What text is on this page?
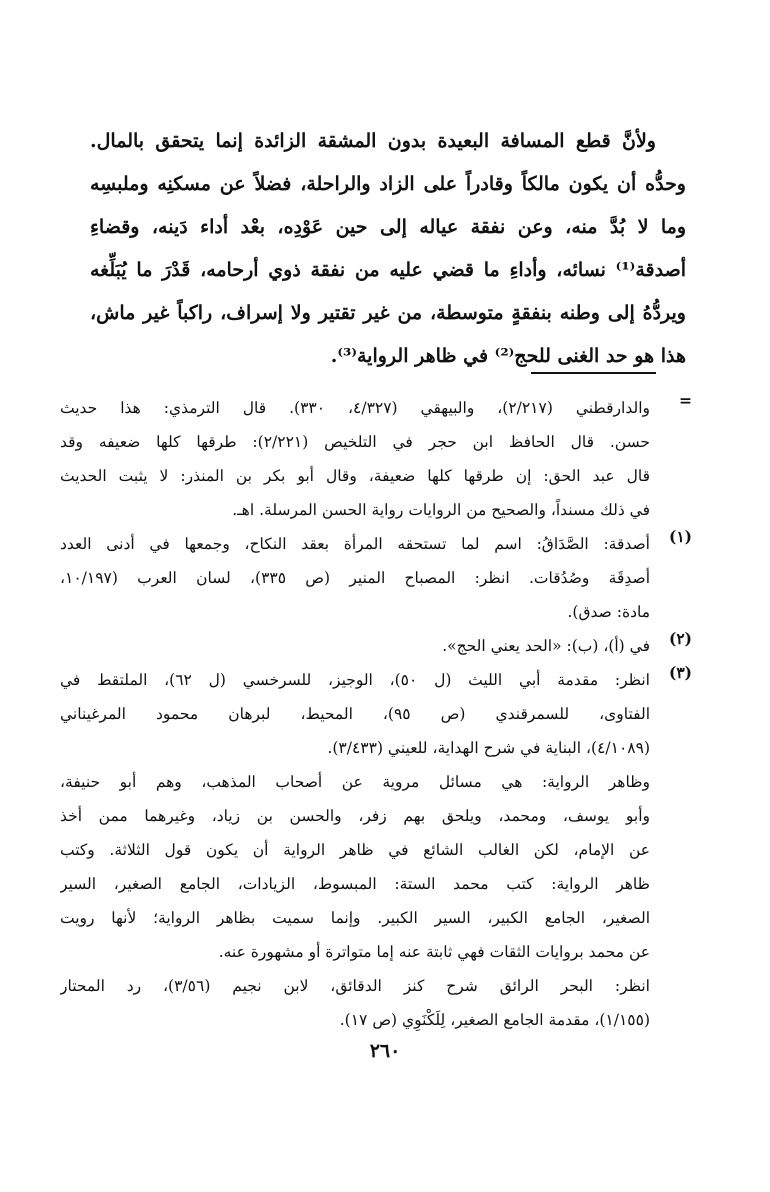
ولأنَّ قطع المسافة البعيدة بدون المشقة الزائدة إنما يتحقق بالمال.
وحدُّه أن يكون مالكاً وقادراً على الزاد والراحلة، فضلاً عن مسكنِه وملبسِه
وما لا بُدَّ منه، وعن نفقة عياله إلى حين عَوْدِه، بعْد أداء دَينه، وقضاءِ
أصدقة⁽¹⁾ نسائه، وأداءِ ما قضي عليه من نفقة ذوي أرحامه، قَدْرَ ما يُبَلِّغه
ويردُّهُ إلى وطنه بنفقةٍ متوسطة، من غير تقتير ولا إسراف، راكباً غير ماش،
هذا هو حد الغنى للحج⁽²⁾ في ظاهر الرواية⁽³⁾.
=
والدارقطني (٢/٢١٧)، والبيهقي (٤/٣٢٧، ٣٣٠). قال الترمذي: هذا حديث
حسن. قال الحافظ ابن حجر في التلخيص (٢/٢٢١): طرقها كلها ضعيفه وقد
قال عبد الحق: إن طرقها كلها ضعيفة، وقال أبو بكر بن المنذر: لا يثبت الحديث
في ذلك مسنداً، والصحيح من الروايات رواية الحسن المرسلة. اهـ.
(١)
أصدقة: الصَّدَاقُ: اسم لما تستحقه المرأة بعقد النكاح، وجمعها في أدنى العدد
أصدِقَة وصُدُقات. انظر: المصباح المنير (ص ٣٣٥)، لسان العرب (١٠/١٩٧،
مادة: صدق).
(٢)
في (أ)، (ب): «الحد يعني الحج».
(٣)
انظر: مقدمة أبي الليث (ل ٥٠)، الوجيز، للسرخسي (ل ٦٢)، الملتقط في
الفتاوى، للسمرقندي (ص ٩٥)، المحيط، لبرهان محمود المرغيناني
(٤/١٠٨٩)، البناية في شرح الهداية، للعيني (٣/٤٣٣).
وظاهر الرواية: هي مسائل مروية عن أصحاب المذهب، وهم أبو حنيفة،
وأبو يوسف، ومحمد، ويلحق بهم زفر، والحسن بن زياد، وغيرهما ممن أخذ
عن الإمام، لكن الغالب الشائع في ظاهر الرواية أن يكون قول الثلاثة. وكتب
ظاهر الرواية: كتب محمد الستة: المبسوط، الزيادات، الجامع الصغير، السير
الصغير، الجامع الكبير، السير الكبير. وإنما سميت بظاهر الرواية؛ لأنها رويت
عن محمد بروايات الثقات فهي ثابتة عنه إما متواترة أو مشهورة عنه.
انظر: البحر الرائق شرح كنز الدقائق، لابن نجيم (٣/٥٦)، رد المحتار
(١/١٥٥)، مقدمة الجامع الصغير، لِلَكْنَوِي (ص ١٧).
٢٦٠
